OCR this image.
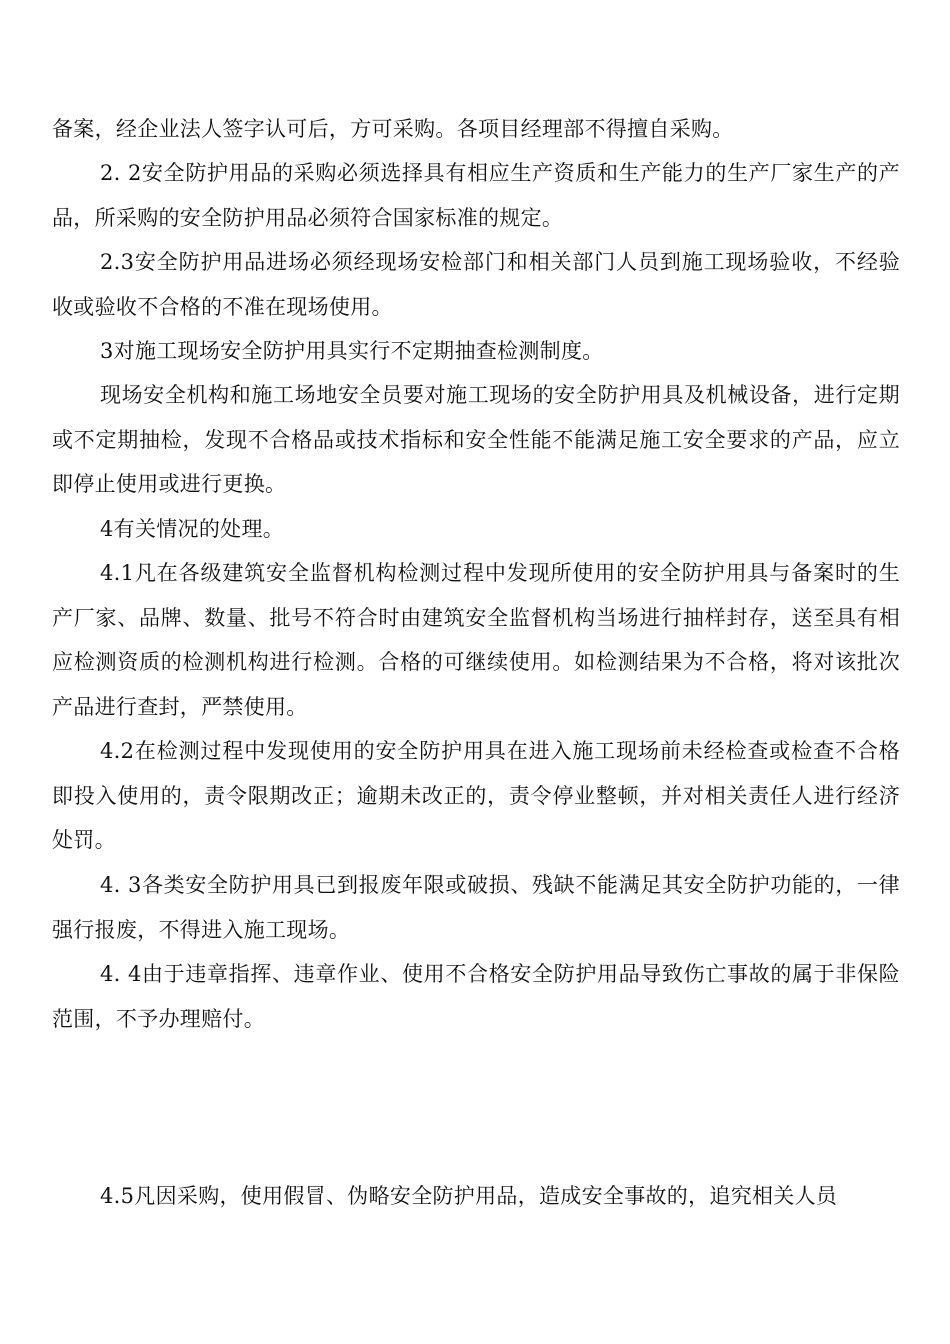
备案，经企业法人签字认可后，方可采购。各项目经理部不得擅自采购。

2. 2安全防护用品的采购必须选择具有相应生产资质和生产能力的生产厂家生产的产品，所采购的安全防护用品必须符合国家标准的规定。

2.3安全防护用品进场必须经现场安检部门和相关部门人员到施工现场验收，不经验收或验收不合格的不准在现场使用。

3对施工现场安全防护用具实行不定期抽查检测制度。

现场安全机构和施工场地安全员要对施工现场的安全防护用具及机械设备，进行定期或不定期抽检，发现不合格品或技术指标和安全性能不能满足施工安全要求的产品，应立即停止使用或进行更换。

4有关情况的处理。

4.1凡在各级建筑安全监督机构检测过程中发现所使用的安全防护用具与备案时的生产厂家、品牌、数量、批号不符合时由建筑安全监督机构当场进行抽样封存，送至具有相应检测资质的检测机构进行检测。合格的可继续使用。如检测结果为不合格，将对该批次产品进行查封，严禁使用。

4.2在检测过程中发现使用的安全防护用具在进入施工现场前未经检查或检查不合格即投入使用的，责令限期改正；逾期未改正的，责令停业整顿，并对相关责任人进行经济处罚。

4. 3各类安全防护用具已到报废年限或破损、残缺不能满足其安全防护功能的，一律强行报废，不得进入施工现场。

4. 4由于违章指挥、违章作业、使用不合格安全防护用品导致伤亡事故的属于非保险范围，不予办理赔付。

4.5凡因采购，使用假冒、伪略安全防护用品，造成安全事故的，追究相关人员
